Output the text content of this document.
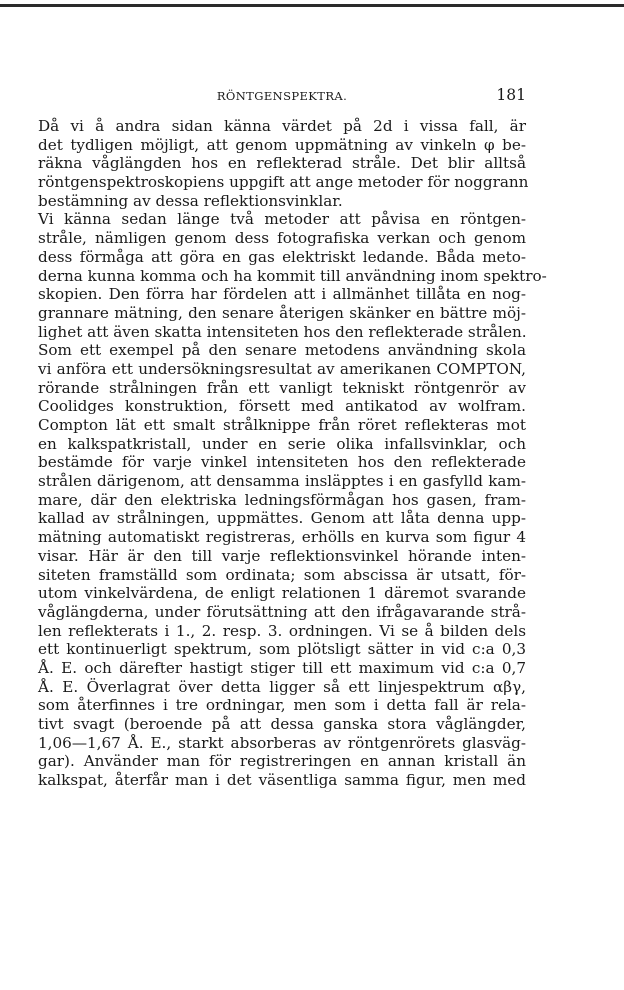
RÖNTGENSPEKTRA.	181
Då vi å andra sidan känna värdet på 2d i vissa fall, är
det tydligen möjligt, att genom uppmätning av vinkeln φ be-
räkna våglängden hos en reflekterad stråle. Det blir alltså
röntgenspektroskopiens uppgift att ange metoder för noggrann
bestämning av dessa reflektionsvinklar.
Vi känna sedan länge två metoder att påvisa en röntgen-
stråle, nämligen genom dess fotografiska verkan och genom
dess förmåga att göra en gas elektriskt ledande. Båda meto-
derna kunna komma och ha kommit till användning inom spektro-
skopien. Den förra har fördelen att i allmänhet tillåta en nog-
grannare mätning, den senare återigen skänker en bättre möj-
lighet att även skatta intensiteten hos den reflekterade strålen.
Som ett exempel på den senare metodens användning skola
vi anföra ett undersökningsresultat av amerikanen COMPTON,
rörande strålningen från ett vanligt tekniskt röntgenrör av
Coolidges konstruktion, försett med antikatod av wolfram.
Compton lät ett smalt strålknippe från röret reflekteras mot
en kalkspatkristall, under en serie olika infallsvinklar, och
bestämde för varje vinkel intensiteten hos den reflekterade
strålen därigenom, att densamma insläpptes i en gasfylld kam-
mare, där den elektriska ledningsförmågan hos gasen, fram-
kallad av strålningen, uppmättes. Genom att låta denna upp-
mätning automatiskt registreras, erhölls en kurva som figur 4
visar. Här är den till varje reflektionsvinkel hörande inten-
siteten framställd som ordinata; som abscissa är utsatt, för-
utom vinkelvärdena, de enligt relationen 1 däremot svarande
våglängderna, under förutsättning att den ifrågavarande strå-
len reflekterats i 1., 2. resp. 3. ordningen. Vi se å bilden dels
ett kontinuerligt spektrum, som plötsligt sätter in vid c:a 0,3
Å. E. och därefter hastigt stiger till ett maximum vid c:a 0,7
Å. E. Överlagrat över detta ligger så ett linjespektrum αβγ,
som återfinnes i tre ordningar, men som i detta fall är rela-
tivt svagt (beroende på att dessa ganska stora våglängder,
1,06—1,67 Å. E., starkt absorberas av röntgenrörets glasväg-
gar). Använder man för registreringen en annan kristall än
kalkspat, återfår man i det väsentliga samma figur, men med
